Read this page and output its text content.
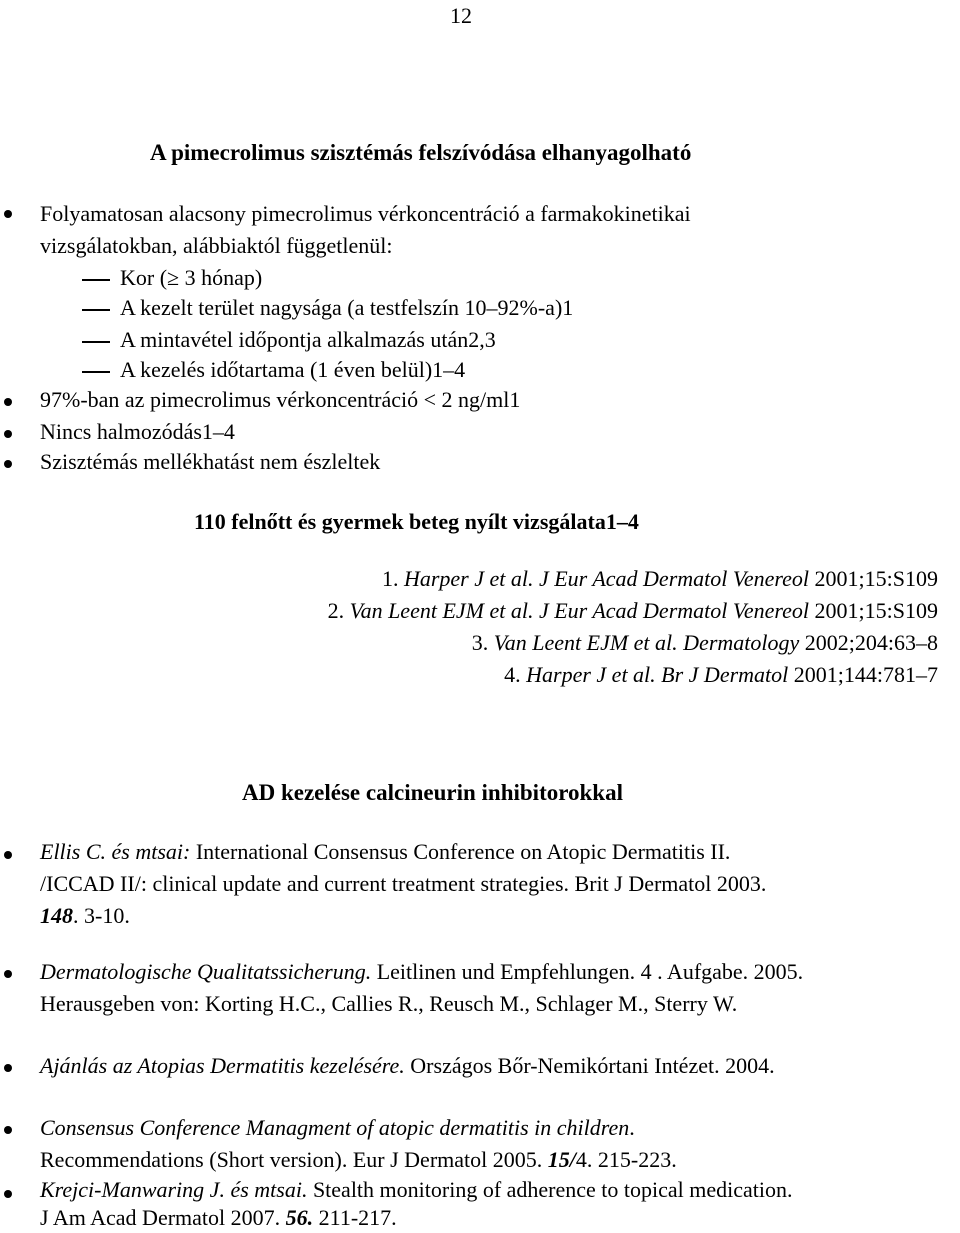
12
A pimecrolimus szisztémás felszívódása elhanyagolható
Folyamatosan alacsony pimecrolimus vérkoncentráció a farmakokinetikai
vizsgálatokban, alábbiaktól függetlenül:
Kor (≥ 3 hónap)
A kezelt terület nagysága (a testfelszín 10–92%-a)1
A mintavétel időpontja alkalmazás után2,3
A kezelés időtartama (1 éven belül)1–4
97%-ban az pimecrolimus vérkoncentráció < 2 ng/ml1
Nincs halmozódás1–4
Szisztémás mellékhatást nem észleltek
110 felnőtt és gyermek beteg nyílt vizsgálata1–4
1. Harper J et al. J Eur Acad Dermatol Venereol 2001;15:S109
2. Van Leent EJM et al. J Eur Acad Dermatol Venereol 2001;15:S109
3. Van Leent EJM et al. Dermatology 2002;204:63–8
4. Harper J et al. Br J Dermatol 2001;144:781–7
AD kezelése calcineurin inhibitorokkal
Ellis C. és mtsai: International Consensus Conference on Atopic Dermatitis II.
/ICCAD II/: clinical update and current treatment strategies. Brit J Dermatol 2003.
148. 3-10.
Dermatologische Qualitatssicherung. Leitlinen und Empfehlungen. 4 . Aufgabe. 2005.
Herausgeben von: Korting H.C., Callies R., Reusch M., Schlager M., Sterry W.
Ajánlás az Atopias Dermatitis kezelésére. Országos Bőr-Nemikórtani Intézet. 2004.
Consensus Conference Managment of atopic dermatitis in children.
Recommendations (Short version). Eur J Dermatol 2005. 15/4. 215-223.
Krejci-Manwaring J. és mtsai. Stealth monitoring of adherence to topical medication.
J Am Acad Dermatol 2007. 56. 211-217.
